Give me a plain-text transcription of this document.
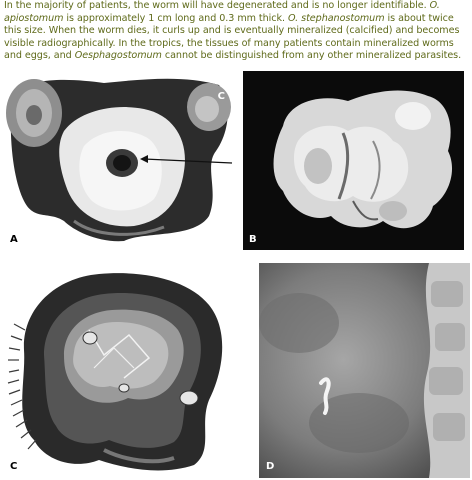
In the majority of patients, the worm will have degenerated and is no longer identifiable. O. apiostomum is approximately 1 cm long and 0.3 mm thick. O. stephanostomum is about twice this size. When the worm dies, it curls up and is eventually mineralized (calcified) and becomes visible radiographically. In the tropics, the tissues of many patients contain mineralized worms and eggs, and Oesphagostomum cannot be distinguished from any other mineralized parasites.
C
A	B
C	D
